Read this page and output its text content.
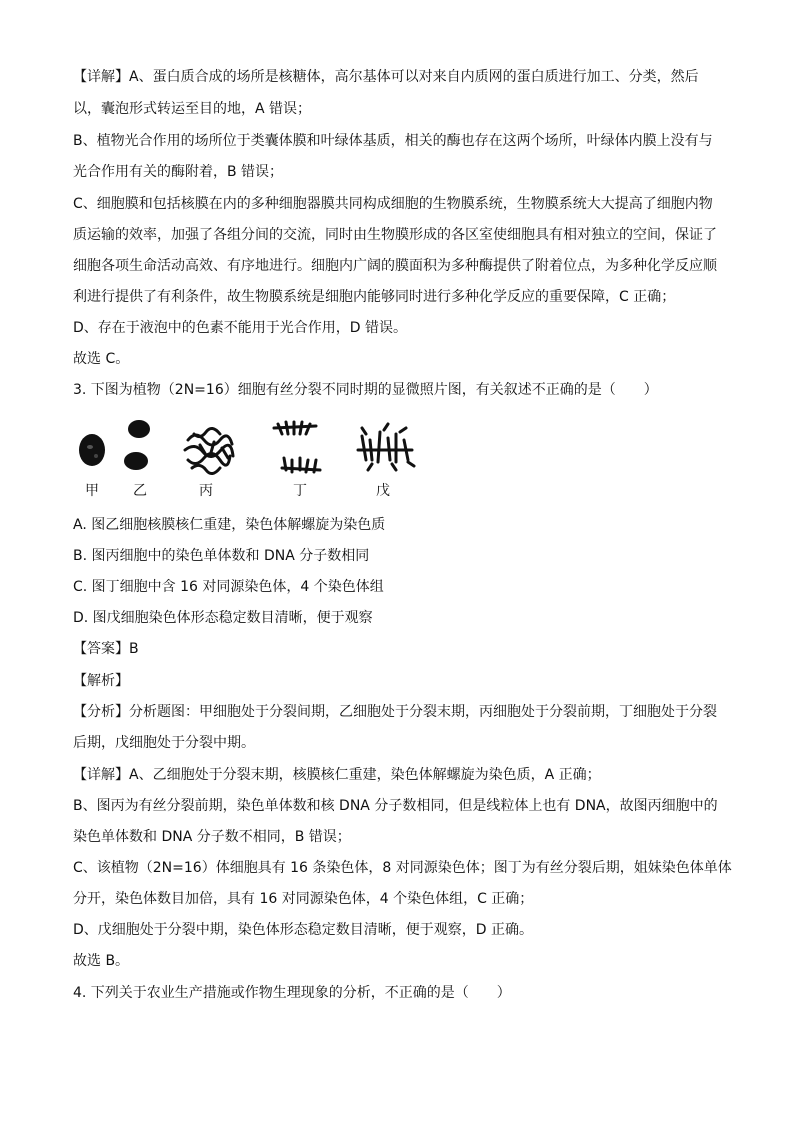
【详解】A、蛋白质合成的场所是核糖体，高尔基体可以对来自内质网的蛋白质进行加工、分类，然后
以，囊泡形式转运至目的地，A 错误；
B、植物光合作用的场所位于类囊体膜和叶绿体基质，相关的酶也存在这两个场所，叶绿体内膜上没有与
光合作用有关的酶附着，B 错误；
C、细胞膜和包括核膜在内的多种细胞器膜共同构成细胞的生物膜系统，生物膜系统大大提高了细胞内物
质运输的效率，加强了各组分间的交流，同时由生物膜形成的各区室使细胞具有相对独立的空间，保证了
细胞各项生命活动高效、有序地进行。细胞内广阔的膜面积为多种酶提供了附着位点，为多种化学反应顺
利进行提供了有利条件，故生物膜系统是细胞内能够同时进行多种化学反应的重要保障，C 正确；
D、存在于液泡中的色素不能用于光合作用，D 错误。
故选 C。
3. 下图为植物（2N=16）细胞有丝分裂不同时期的显微照片图，有关叙述不正确的是（　　）
甲 乙	丙	丁	戊
A. 图乙细胞核膜核仁重建，染色体解螺旋为染色质
B. 图丙细胞中的染色单体数和 DNA 分子数相同
C. 图丁细胞中含 16 对同源染色体，4 个染色体组
D. 图戊细胞染色体形态稳定数目清晰，便于观察
【答案】B
【解析】
【分析】分析题图：甲细胞处于分裂间期，乙细胞处于分裂末期，丙细胞处于分裂前期，丁细胞处于分裂
后期，戊细胞处于分裂中期。
【详解】A、乙细胞处于分裂末期，核膜核仁重建，染色体解螺旋为染色质，A 正确；
B、图丙为有丝分裂前期，染色单体数和核 DNA 分子数相同，但是线粒体上也有 DNA，故图丙细胞中的
染色单体数和 DNA 分子数不相同，B 错误；
C、该植物（2N=16）体细胞具有 16 条染色体，8 对同源染色体；图丁为有丝分裂后期，姐妹染色体单体
分开，染色体数目加倍，具有 16 对同源染色体，4 个染色体组，C 正确；
D、戊细胞处于分裂中期，染色体形态稳定数目清晰，便于观察，D 正确。
故选 B。
4. 下列关于农业生产措施或作物生理现象的分析，不正确的是（　　）
